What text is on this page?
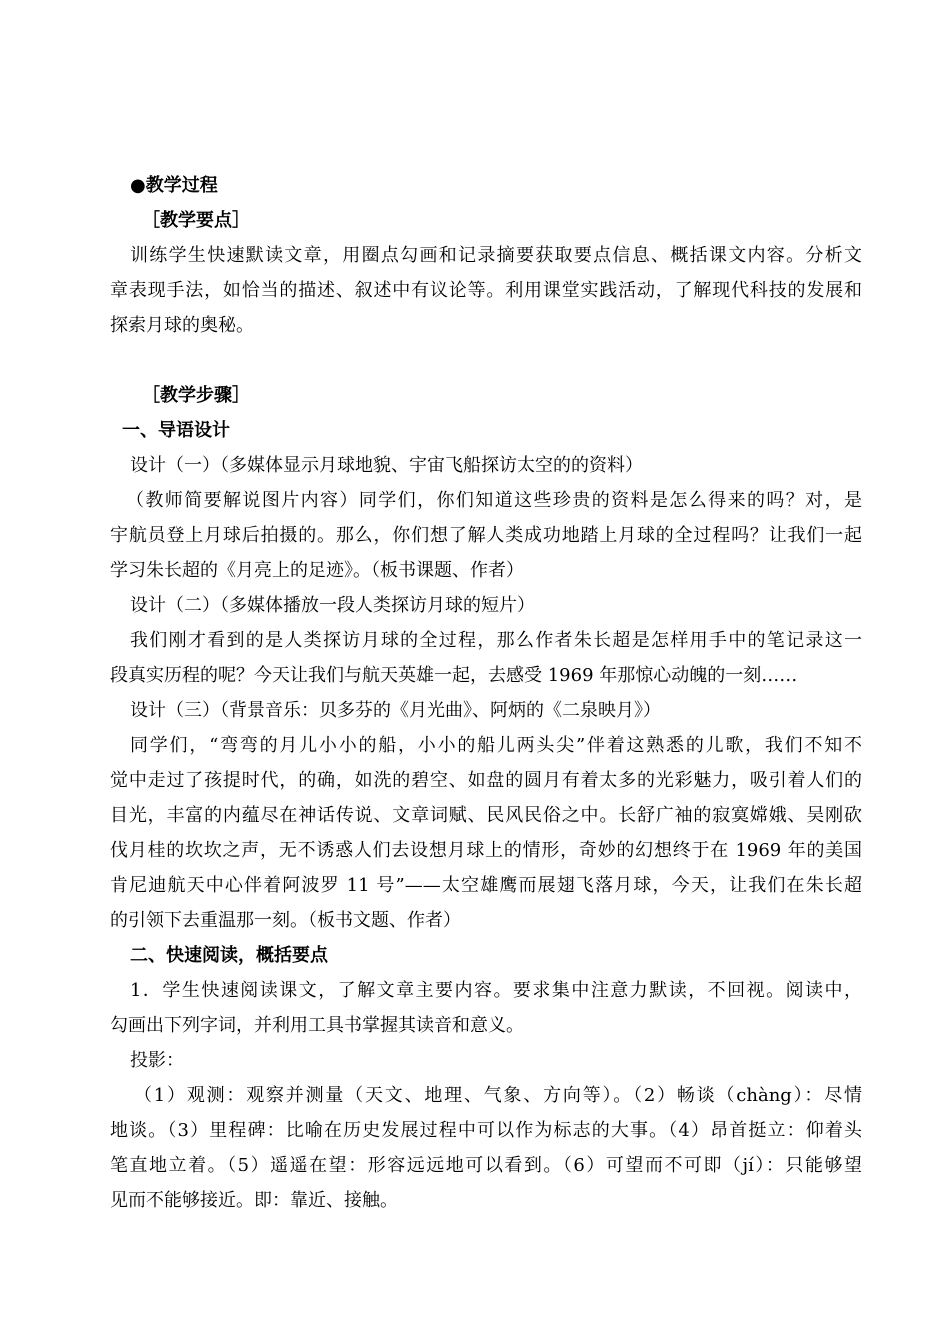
●教学过程
［教学要点］
训练学生快速默读文章，用圈点勾画和记录摘要获取要点信息、概括课文内容。分析文
章表现手法，如恰当的描述、叙述中有议论等。利用课堂实践活动，了解现代科技的发展和
探索月球的奥秘。
［教学步骤］
一、导语设计
设计（一）（多媒体显示月球地貌、宇宙飞船探访太空的的资料）
（教师简要解说图片内容）同学们，你们知道这些珍贵的资料是怎么得来的吗？对，是
宇航员登上月球后拍摄的。那么，你们想了解人类成功地踏上月球的全过程吗？让我们一起
学习朱长超的《月亮上的足迹》。（板书课题、作者）
设计（二）（多媒体播放一段人类探访月球的短片）
我们刚才看到的是人类探访月球的全过程，那么作者朱长超是怎样用手中的笔记录这一
段真实历程的呢？今天让我们与航天英雄一起，去感受 1969 年那惊心动魄的一刻……
设计（三）（背景音乐：贝多芬的《月光曲》、阿炳的《二泉映月》）
同学们，“弯弯的月儿小小的船，小小的船儿两头尖”伴着这熟悉的儿歌，我们不知不
觉中走过了孩提时代，的确，如洗的碧空、如盘的圆月有着太多的光彩魅力，吸引着人们的
目光，丰富的内蕴尽在神话传说、文章词赋、民风民俗之中。长舒广袖的寂寞嫦娥、吴刚砍
伐月桂的坎坎之声，无不诱惑人们去设想月球上的情形，奇妙的幻想终于在 1969 年的美国
肯尼迪航天中心伴着阿波罗 11 号”——太空雄鹰而展翅飞落月球，今天，让我们在朱长超
的引领下去重温那一刻。（板书文题、作者）
二、快速阅读，概括要点
1．学生快速阅读课文，了解文章主要内容。要求集中注意力默读，不回视。阅读中，
勾画出下列字词，并利用工具书掌握其读音和意义。
投影：
（1）观测：观察并测量（天文、地理、气象、方向等）。（2）畅谈（chàng）：尽情
地谈。（3）里程碑：比喻在历史发展过程中可以作为标志的大事。（4）昂首挺立：仰着头
笔直地立着。（5）遥遥在望：形容远远地可以看到。（6）可望而不可即（jí）：只能够望
见而不能够接近。即：靠近、接触。
